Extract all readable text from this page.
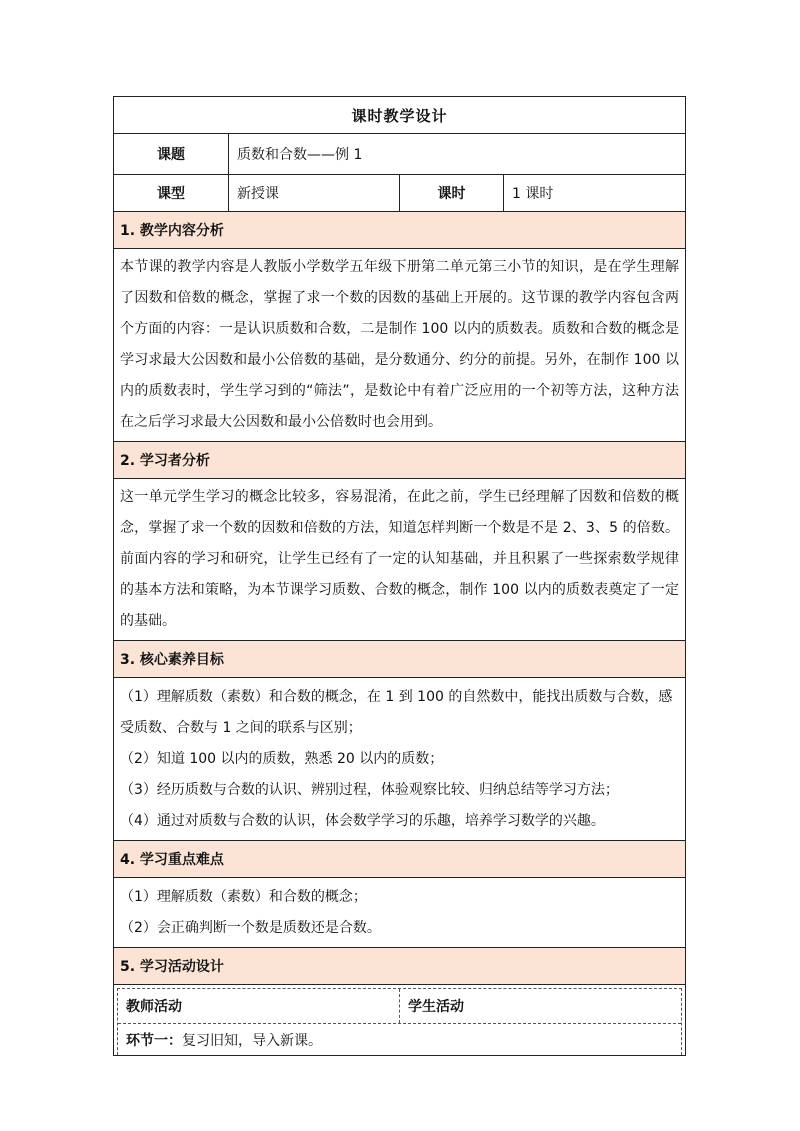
课时教学设计
课题	质数和合数——例 1
课型	新授课	课时	1 课时
1. 教学内容分析
本节课的教学内容是人教版小学数学五年级下册第二单元第三小节的知识，是在学生理解了因数和倍数的概念，掌握了求一个数的因数的基础上开展的。这节课的教学内容包含两个方面的内容：一是认识质数和合数，二是制作 100 以内的质数表。质数和合数的概念是学习求最大公因数和最小公倍数的基础，是分数通分、约分的前提。另外，在制作 100 以内的质数表时，学生学习到的“筛法”，是数论中有着广泛应用的一个初等方法，这种方法在之后学习求最大公因数和最小公倍数时也会用到。
2. 学习者分析
这一单元学生学习的概念比较多，容易混淆，在此之前，学生已经理解了因数和倍数的概念，掌握了求一个数的因数和倍数的方法，知道怎样判断一个数是不是 2、3、5 的倍数。前面内容的学习和研究，让学生已经有了一定的认知基础，并且积累了一些探索数学规律的基本方法和策略，为本节课学习质数、合数的概念，制作 100 以内的质数表奠定了一定的基础。
3. 核心素养目标
（1）理解质数（素数）和合数的概念，在 1 到 100 的自然数中，能找出质数与合数，感受质数、合数与 1 之间的联系与区别；
（2）知道 100 以内的质数，熟悉 20 以内的质数；
（3）经历质数与合数的认识、辨别过程，体验观察比较、归纳总结等学习方法；
（4）通过对质数与合数的认识，体会数学学习的乐趣，培养学习数学的兴趣。
4. 学习重点难点
（1）理解质数（素数）和合数的概念；
（2）会正确判断一个数是质数还是合数。
5. 学习活动设计
教师活动	学生活动
环节一： 复习旧知，导入新课。
